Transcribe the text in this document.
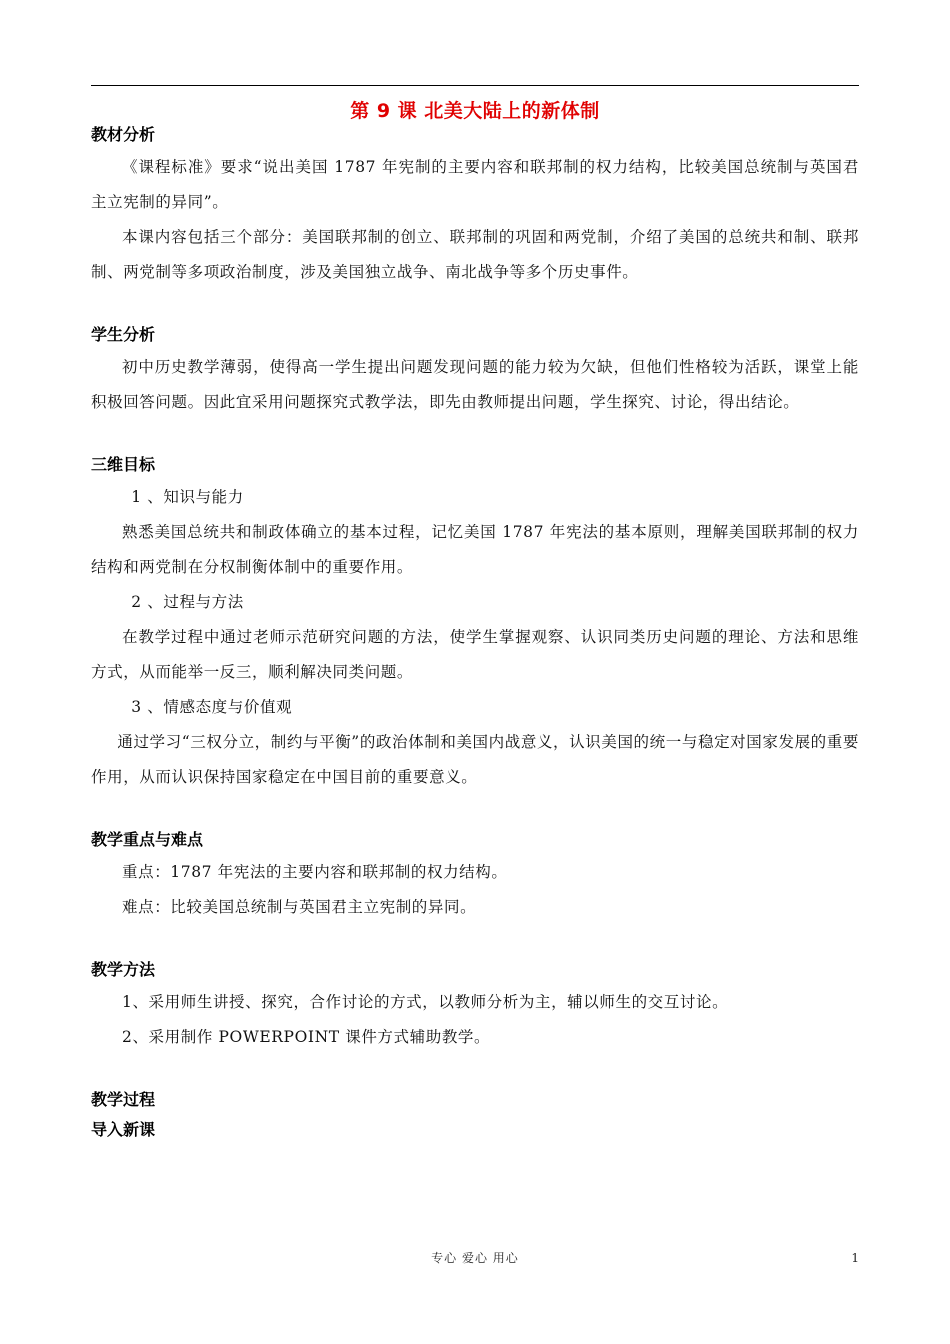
第 9 课 北美大陆上的新体制
教材分析

《课程标准》要求“说出美国 1787 年宪制的主要内容和联邦制的权力结构，比较美国总统制与英国君主立宪制的异同”。

本课内容包括三个部分：美国联邦制的创立、联邦制的巩固和两党制，介绍了美国的总统共和制、联邦制、两党制等多项政治制度，涉及美国独立战争、南北战争等多个历史事件。

学生分析

初中历史教学薄弱，使得高一学生提出问题发现问题的能力较为欠缺，但他们性格较为活跃，课堂上能积极回答问题。因此宜采用问题探究式教学法，即先由教师提出问题，学生探究、讨论，得出结论。

三维目标

1 、知识与能力

熟悉美国总统共和制政体确立的基本过程，记忆美国 1787 年宪法的基本原则，理解美国联邦制的权力结构和两党制在分权制衡体制中的重要作用。

2 、过程与方法

在教学过程中通过老师示范研究问题的方法，使学生掌握观察、认识同类历史问题的理论、方法和思维方式，从而能举一反三，顺利解决同类问题。

3 、情感态度与价值观

通过学习“三权分立，制约与平衡”的政治体制和美国内战意义，认识美国的统一与稳定对国家发展的重要作用，从而认识保持国家稳定在中国目前的重要意义。

教学重点与难点

重点：1787 年宪法的主要内容和联邦制的权力结构。

难点：比较美国总统制与英国君主立宪制的异同。

教学方法

1、采用师生讲授、探究，合作讨论的方式，以教师分析为主，辅以师生的交互讨论。

2、采用制作 POWERPOINT 课件方式辅助教学。

教学过程
导入新课
专心 爱心 用心	1
